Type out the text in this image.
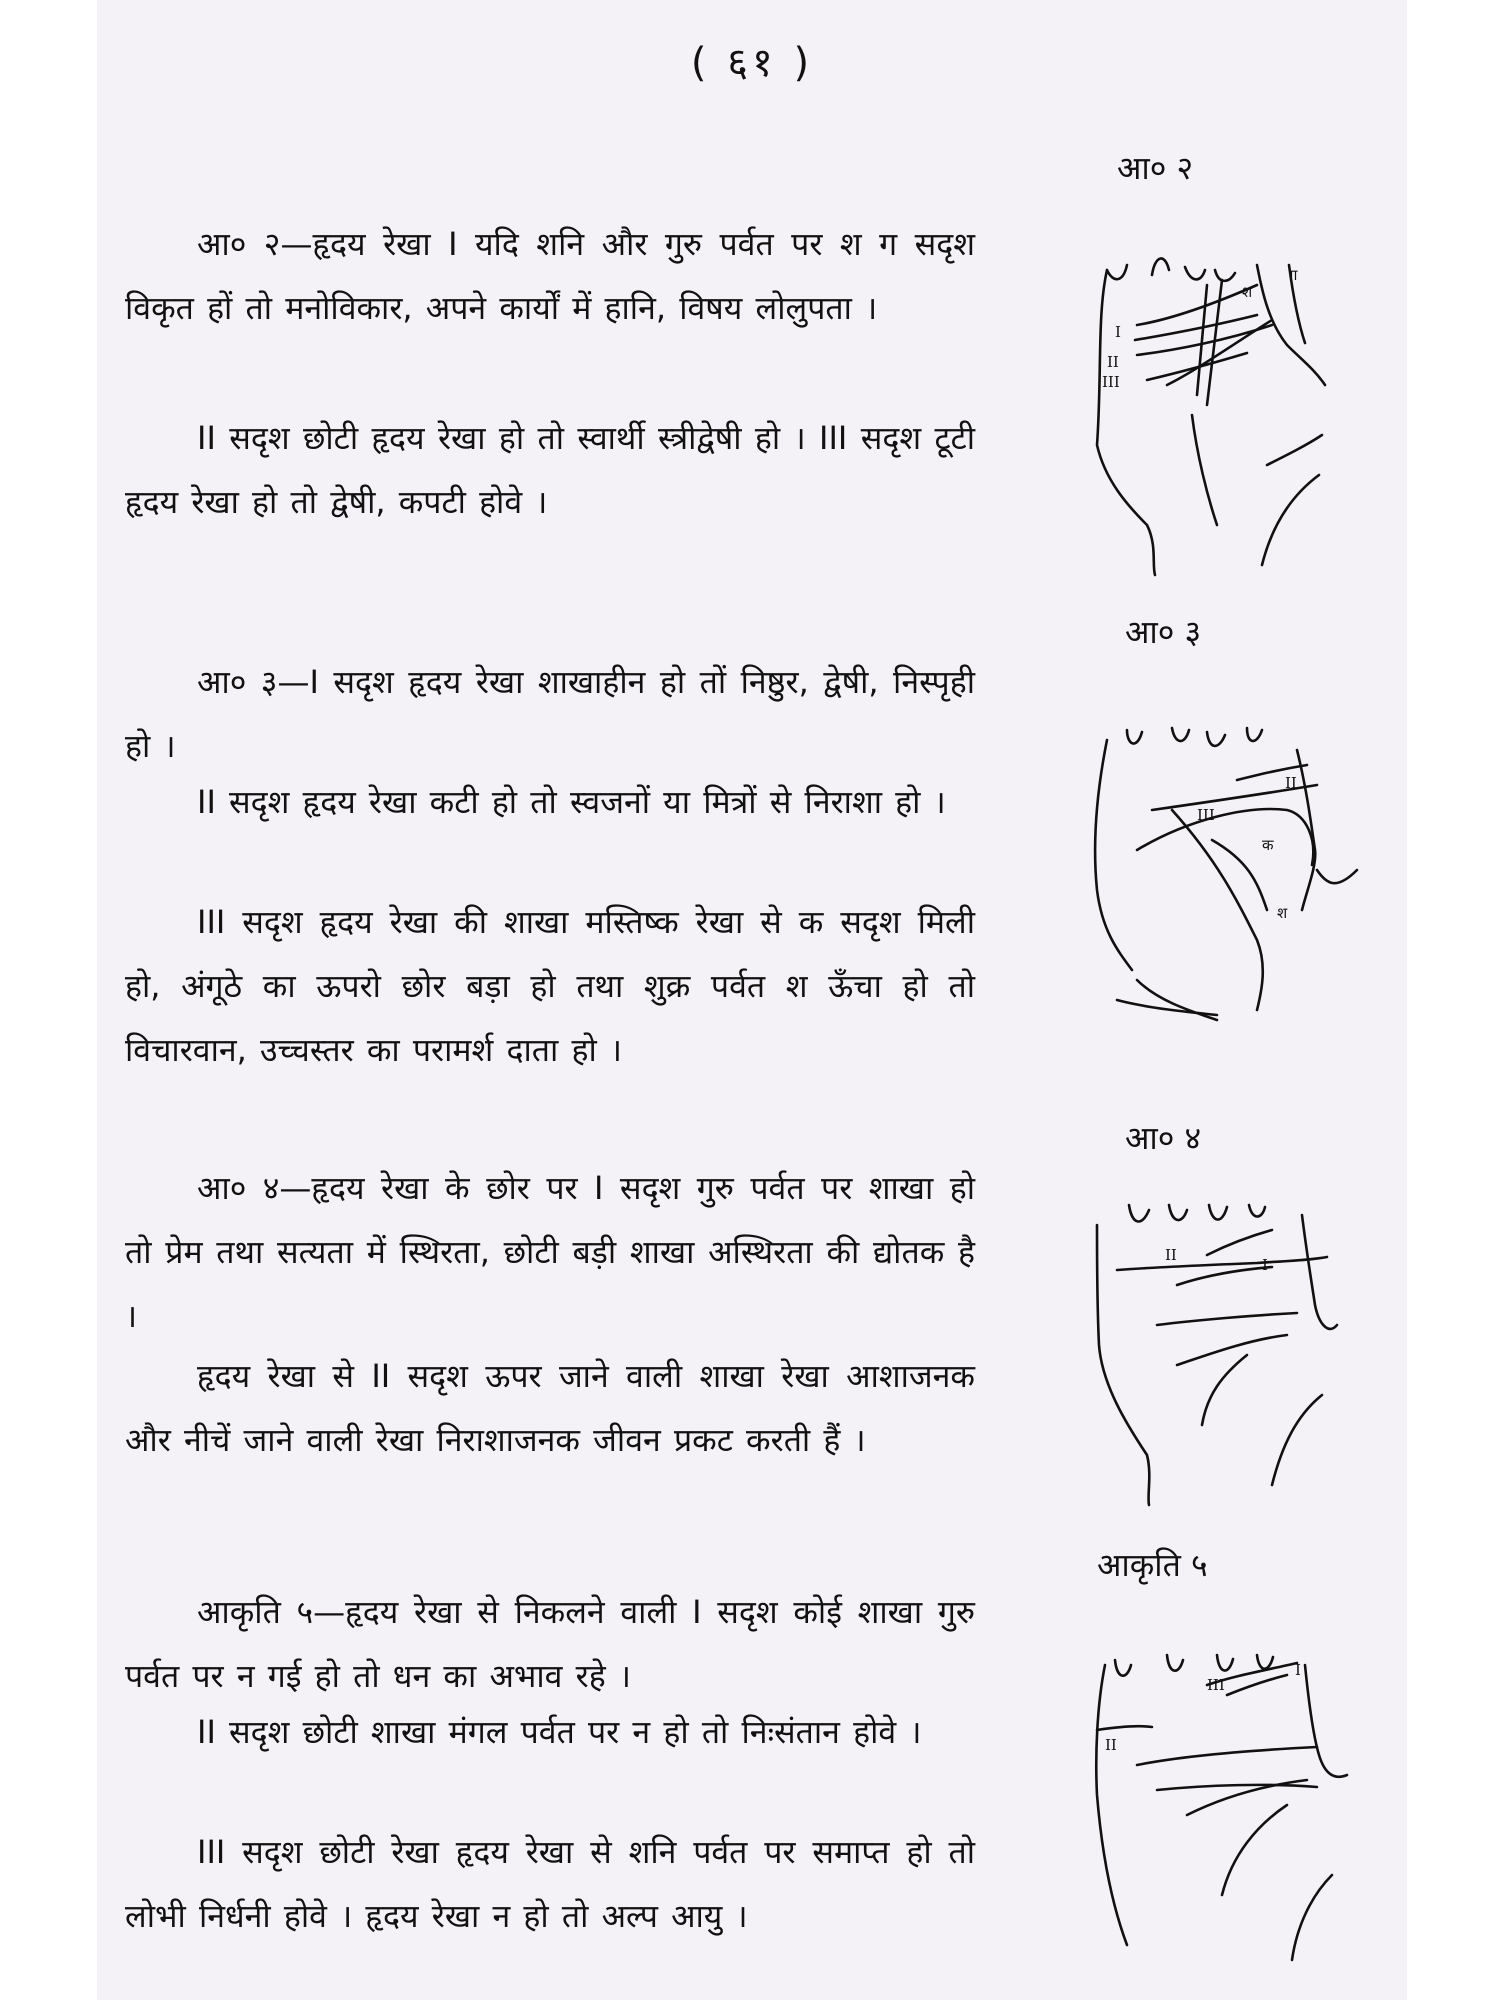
( ६१ )

आ० २—हृदय रेखा I यदि शनि और गुरु पर्वत पर श ग सदृश विकृत हों तो मनोविकार, अपने कार्यों में हानि, विषय लोलुपता ।

II सदृश छोटी हृदय रेखा हो तो स्वार्थी स्त्रीद्वेषी हो । III सदृश टूटी हृदय रेखा हो तो द्वेषी, कपटी होवे ।

आ० ३—I सदृश हृदय रेखा शाखाहीन हो तों निष्ठुर, द्वेषी, निस्पृही हो ।

II सदृश हृदय रेखा कटी हो तो स्वजनों या मित्रों से निराशा हो ।

III सदृश हृदय रेखा की शाखा मस्तिष्क रेखा से क सदृश मिली हो, अंगूठे का ऊपरो छोर बड़ा हो तथा शुक्र पर्वत श ऊँचा हो तो विचारवान, उच्चस्तर का परामर्श दाता हो ।

आ० ४—हृदय रेखा के छोर पर I सदृश गुरु पर्वत पर शाखा हो तो प्रेम तथा सत्यता में स्थिरता, छोटी बड़ी शाखा अस्थिरता की द्योतक है ।

हृदय रेखा से II सदृश ऊपर जाने वाली शाखा रेखा आशाजनक और नीचें जाने वाली रेखा निराशाजनक जीवन प्रकट करती हैं ।

आकृति ५—हृदय रेखा से निकलने वाली I सदृश कोई शाखा गुरु पर्वत पर न गई हो तो धन का अभाव रहे ।

II सदृश छोटी शाखा मंगल पर्वत पर न हो तो निःसंतान होवे ।

III सदृश छोटी रेखा हृदय रेखा से शनि पर्वत पर समाप्त हो तो लोभी निर्धनी होवे । हृदय रेखा न हो तो अल्प आयु ।

आ० २
I
II
III
श
ग
आ० ३
II
III
क
श
आ० ४
II
I
आकृति ५
III
I
II
